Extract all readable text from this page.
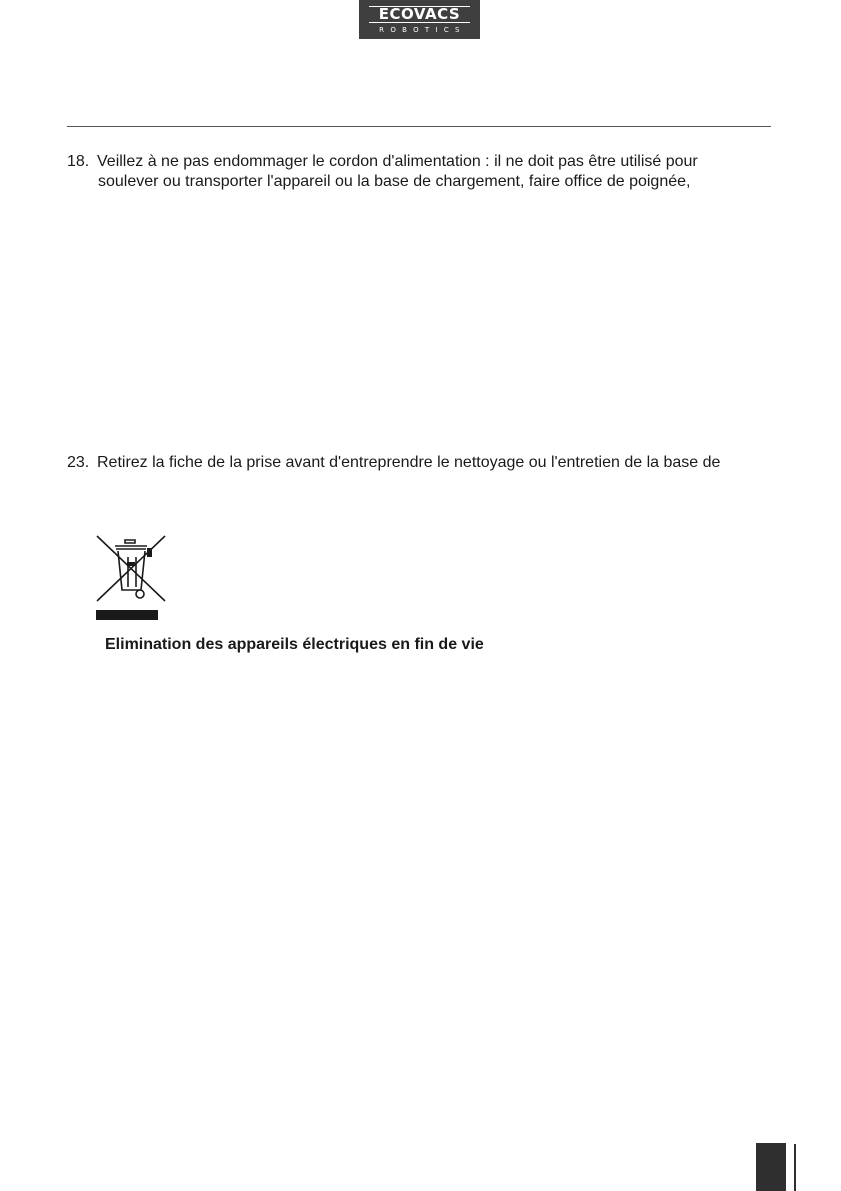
ECOVACS
ROBOTICS
18. Veillez à ne pas endommager le cordon d'alimentation : il ne doit pas être utilisé pour
soulever ou transporter l'appareil ou la base de chargement, faire office de poignée,
23. Retirez la fiche de la prise avant d'entreprendre le nettoyage ou l'entretien de la base de
Elimination des appareils électriques en fin de vie
